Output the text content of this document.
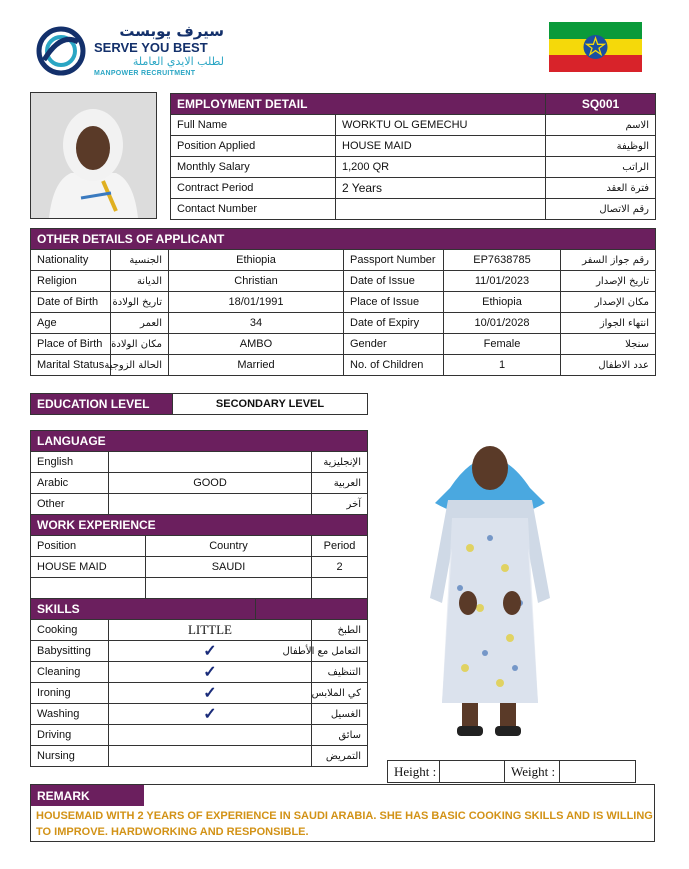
سيرف يوبست
SERVE YOU BEST
لطلب الايدي العاملة
MANPOWER RECRUITMENT
EMPLOYMENT DETAIL		SQ001
Full Name	WORKTU OL GEMECHU	الاسم
Position Applied	HOUSE MAID	الوظيفة
Monthly Salary	1,200 QR	الراتب
Contract Period	2 Years	فترة العقد
Contact Number		رقم الاتصال
OTHER DETAILS OF APPLICANT					
Nationality	الجنسية	Ethiopia	Passport Number	EP7638785	رقم جواز السفر
Religion	الديانة	Christian	Date of Issue	11/01/2023	تاريخ الإصدار
Date of Birth	تاريخ الولادة	18/01/1991	Place of Issue	Ethiopia	مكان الإصدار
Age	العمر	34	Date of Expiry	10/01/2028	انتهاء الجواز
Place of Birth	مكان الولادة	AMBO	Gender	Female	سنجلا
Marital Status	الحالة الزوجية	Married	No. of Children	1	عدد الاطفال
EDUCATION LEVEL	SECONDARY LEVEL
LANGUAGE				
English				الإنجليزية
Arabic	GOOD			العربية
Other				آخر
WORK EXPERIENCE				
Position		Country		Period
HOUSE MAID		SAUDI		2

SKILLS				
Cooking	LITTLE			الطبخ
Babysitting	✓			التعامل مع الأطفال
Cleaning	✓			التنظيف
Ironing	✓			كي الملابس
Washing	✓			الغسيل
Driving				سائق
Nursing				التمريض
Height :		Weight :	
REMARK
HOUSEMAID WITH 2 YEARS OF EXPERIENCE IN SAUDI ARABIA. SHE HAS BASIC COOKING SKILLS AND IS WILLING TO IMPROVE. HARDWORKING AND RESPONSIBLE.
